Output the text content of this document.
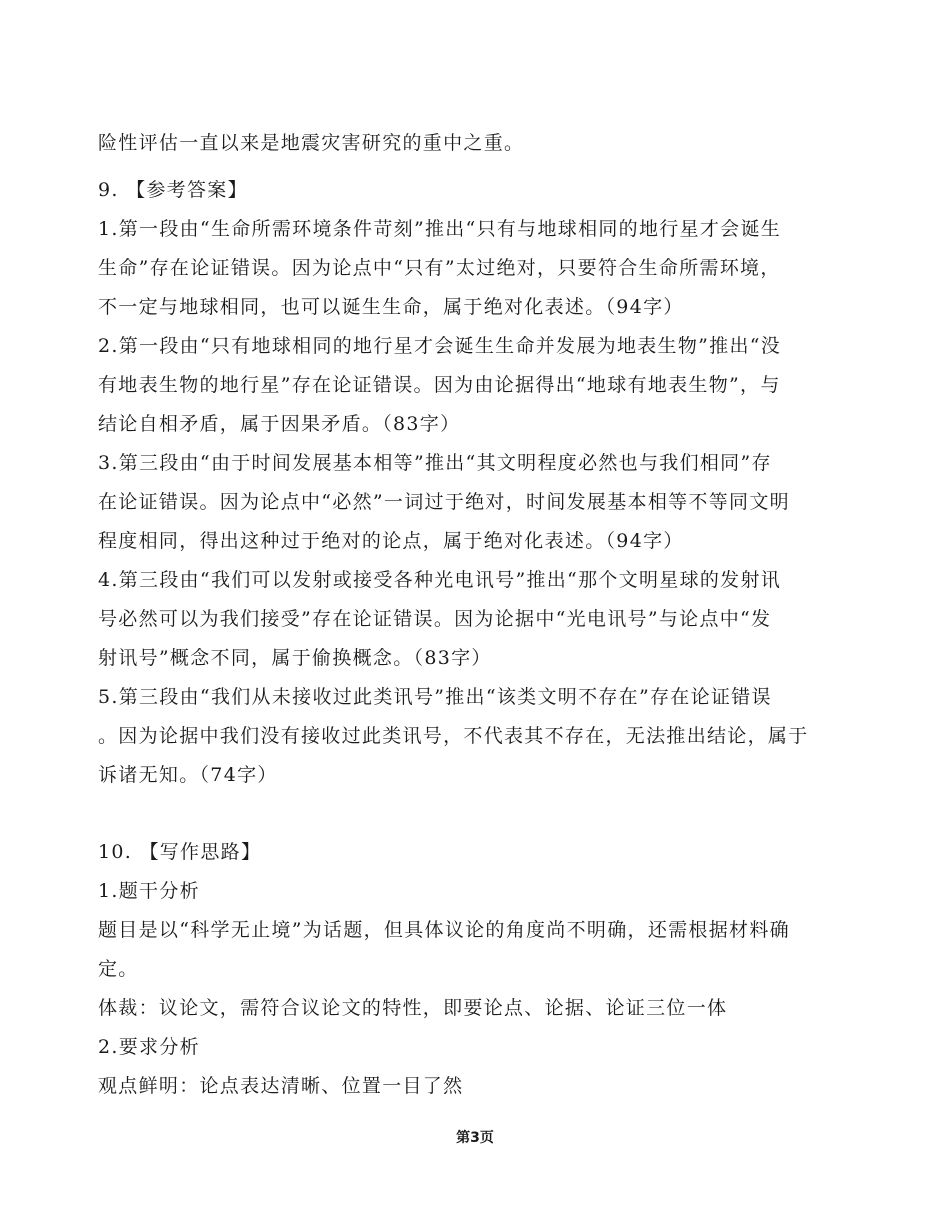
险性评估一直以来是地震灾害研究的重中之重。
9. 【参考答案】
1.第一段由“生命所需环境条件苛刻”推出“只有与地球相同的地行星才会诞生
生命”存在论证错误。因为论点中“只有”太过绝对，只要符合生命所需环境，
不一定与地球相同，也可以诞生生命，属于绝对化表述。（94字）
2.第一段由“只有地球相同的地行星才会诞生生命并发展为地表生物”推出“没
有地表生物的地行星”存在论证错误。因为由论据得出“地球有地表生物”，与
结论自相矛盾，属于因果矛盾。（83字）
3.第三段由“由于时间发展基本相等”推出“其文明程度必然也与我们相同”存
在论证错误。因为论点中“必然”一词过于绝对，时间发展基本相等不等同文明
程度相同，得出这种过于绝对的论点，属于绝对化表述。（94字）
4.第三段由“我们可以发射或接受各种光电讯号”推出“那个文明星球的发射讯
号必然可以为我们接受”存在论证错误。因为论据中“光电讯号”与论点中“发
射讯号”概念不同，属于偷换概念。（83字）
5.第三段由“我们从未接收过此类讯号”推出“该类文明不存在”存在论证错误
。因为论据中我们没有接收过此类讯号，不代表其不存在，无法推出结论，属于
诉诸无知。（74字）
10. 【写作思路】
1.题干分析
题目是以“科学无止境”为话题，但具体议论的角度尚不明确，还需根据材料确
定。
体裁：议论文，需符合议论文的特性，即要论点、论据、论证三位一体
2.要求分析
观点鲜明：论点表达清晰、位置一目了然
第3页
